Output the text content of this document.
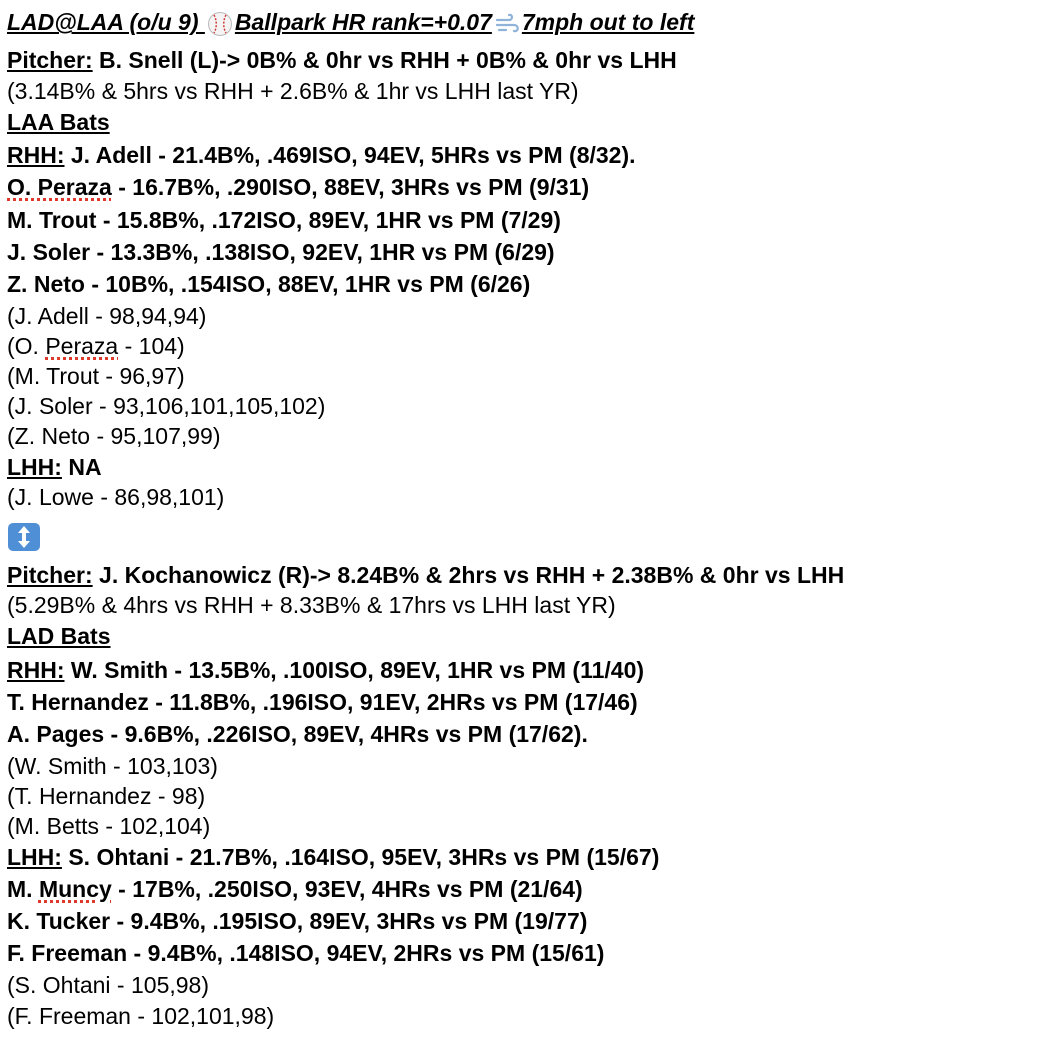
LAD@LAA (o/u 9) Ballpark HR rank=+0.07 7mph out to left
Pitcher: B. Snell (L)-> 0B% & 0hr vs RHH + 0B% & 0hr vs LHH
(3.14B% & 5hrs vs RHH + 2.6B% & 1hr vs LHH last YR)
LAA Bats
RHH: J. Adell - 21.4B%, .469ISO, 94EV, 5HRs vs PM (8/32).
O. Peraza - 16.7B%, .290ISO, 88EV, 3HRs vs PM (9/31)
M. Trout - 15.8B%, .172ISO, 89EV, 1HR vs PM (7/29)
J. Soler - 13.3B%, .138ISO, 92EV, 1HR vs PM (6/29)
Z. Neto - 10B%, .154ISO, 88EV, 1HR vs PM (6/26)
(J. Adell - 98,94,94)
(O. Peraza - 104)
(M. Trout - 96,97)
(J. Soler - 93,106,101,105,102)
(Z. Neto - 95,107,99)
LHH: NA
(J. Lowe - 86,98,101)
Pitcher: J. Kochanowicz (R)-> 8.24B% & 2hrs vs RHH + 2.38B% & 0hr vs LHH
(5.29B% & 4hrs vs RHH + 8.33B% & 17hrs vs LHH last YR)
LAD Bats
RHH: W. Smith - 13.5B%, .100ISO, 89EV, 1HR vs PM (11/40)
T. Hernandez - 11.8B%, .196ISO, 91EV, 2HRs vs PM (17/46)
A. Pages - 9.6B%, .226ISO, 89EV, 4HRs vs PM (17/62).
(W. Smith - 103,103)
(T. Hernandez - 98)
(M. Betts - 102,104)
LHH: S. Ohtani - 21.7B%, .164ISO, 95EV, 3HRs vs PM (15/67)
M. Muncy - 17B%, .250ISO, 93EV, 4HRs vs PM (21/64)
K. Tucker - 9.4B%, .195ISO, 89EV, 3HRs vs PM (19/77)
F. Freeman - 9.4B%, .148ISO, 94EV, 2HRs vs PM (15/61)
(S. Ohtani - 105,98)
(F. Freeman - 102,101,98)
